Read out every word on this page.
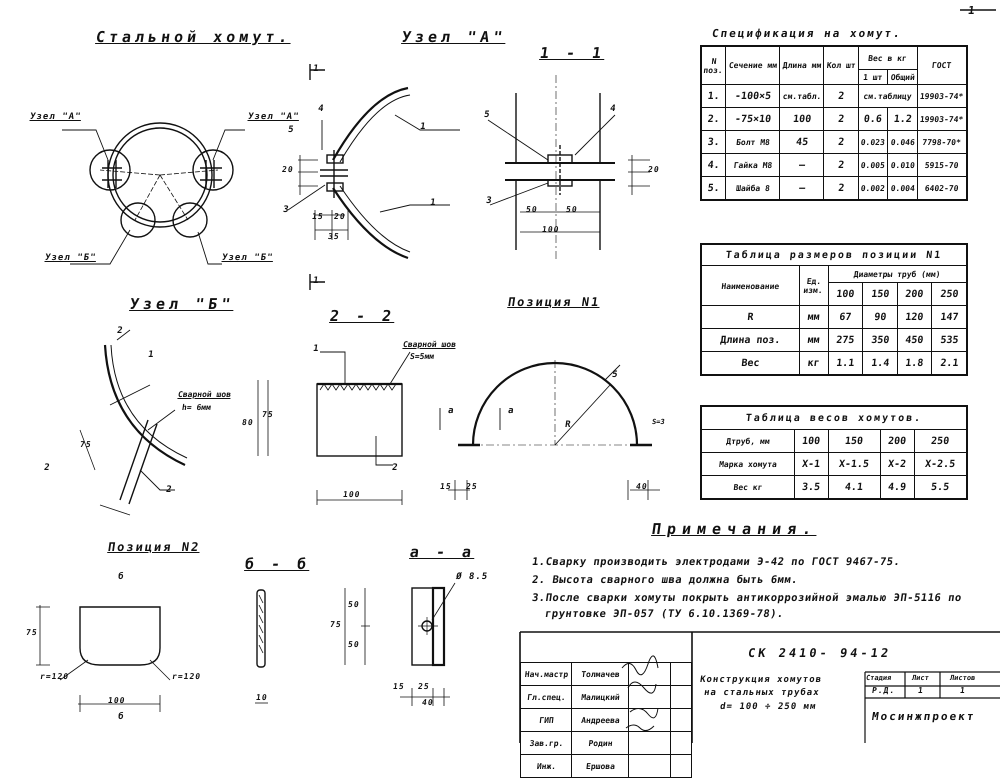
1
Стальной хомут.	Узел "А"
1 - 1
Узел "Б"
2 - 2
Позиция N1
Позиция N2
б - б
а - а
Узел "А"	Узел "А"
Узел "Б"	Узел "Б"
Сварной шов
S=5мм
Сварной шов
h= 6мм
1
1
4
5
3
1
1
15 20
35
20
5
4
3
50	50
100
20
2
2
1
2
75
1
2
80
75
100
а	а
R
5
S=3
15 25	40
б
б
75
r=120	r=120
100	10
Ø 8.5
75
50
50
15 25
40
Спецификация на хомут.
N поз.	Сечение мм	Длина мм	Кол шт	Вес в кг		ГОСТ
				1 шт	Общий	
1.	-100×5	см.табл.	2	см.таблицу		19903-74*
2.	-75×10	100	2	0.6	1.2	19903-74*
3.	Болт М8	45	2	0.023	0.046	7798-70*
4.	Гайка М8	—	2	0.005	0.010	5915-70
5.	Шайба 8	—	2	0.002	0.004	6402-70
Таблица размеров позиции N1					
Наименование	Ед. изм.	Диаметры труб (мм)			
		100	150	200	250
R	мм	67	90	120	147
Длина поз.	мм	275	350	450	535
Вес	кг	1.1	1.4	1.8	2.1
Таблица весов хомутов.				
Дтруб, мм	100	150	200	250
Марка хомута	Х-1	Х-1.5	Х-2	Х-2.5
Вес кг	3.5	4.1	4.9	5.5
Примечания.
1.Сварку производить электродами Э-42 по ГОСТ 9467-75.
2. Высота сварного шва должна быть 6мм.
3.После сварки хомуты покрыть антикоррозийной эмалью ЭП-5116 по
грунтовке ЭП-057 (ТУ 6.10.1369-78).
Нач.мастр	Толмачев		
Гл.спец.	Малицкий		
ГИП	Андреева		
Зав.гр.	Родин		
Инж.	Ершова		
СК 2410- 94-12
Конструкция хомутов
на стальных трубах
d= 100 ÷ 250 мм
Стадия	Лист	Листов
Р.Д.	1	1
Мосинжпроект
